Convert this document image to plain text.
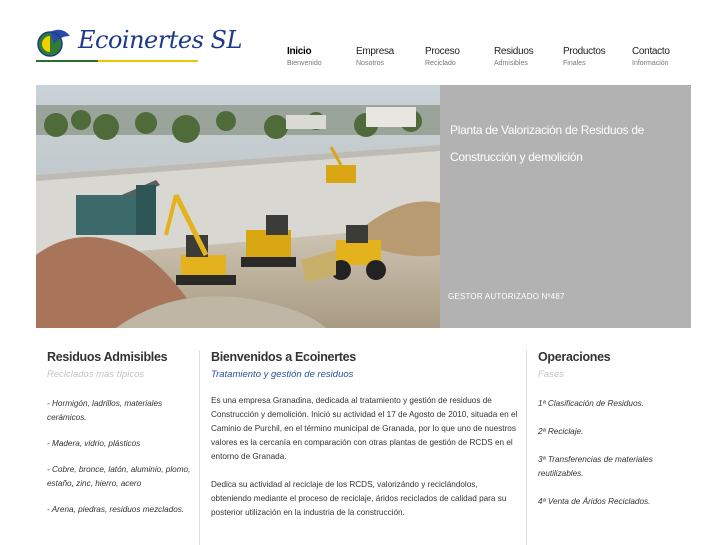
Ecoinertes SL	Inicio
Bienvenido
Empresa
Nosotros
Proceso
Reciclado
Residuos
Admisibles
Productos
Finales
Contacto
Información
Planta de Valorización de Residuos de Construcción y demolición
GESTOR AUTORIZADO Nº487
Residuos Admisibles
Reciclados más típicos
- Hormigón, ladrillos, materiales cerámicos.
- Madera, vidrio, plásticos
- Cobre, bronce, latón, aluminio, plomo, estaño, zinc, hierro, acero
- Arena, piedras, residuos mezclados.
Bienvenidos a Ecoinertes
Tratamiento y gestión de residuos

Es una empresa Granadina, dedicada al tratamiento y gestión de residuos de Construcción y demolición. Inició su actividad el 17 de Agosto de 2010, situada en el Caminio de Purchil, en el término municipal de Granada, por lo que uno de nuestros valores es la cercanía en comparación con otras plantas de gestión de RCDS en el entorno de Granada.

Dedica su actividad al reciclaje de los RCDS, valorizándo y reciclándolos, obteniendo mediante el proceso de reciclaje, áridos reciclados de calidad para su posterior utilización en la industria de la construcción.

Operaciones
Fases
1ª Clasificación de Residuos.
2ª Reciclaje.
3ª Transferencias de materiales reutilizables.
4ª Venta de Áridos Reciclados.
